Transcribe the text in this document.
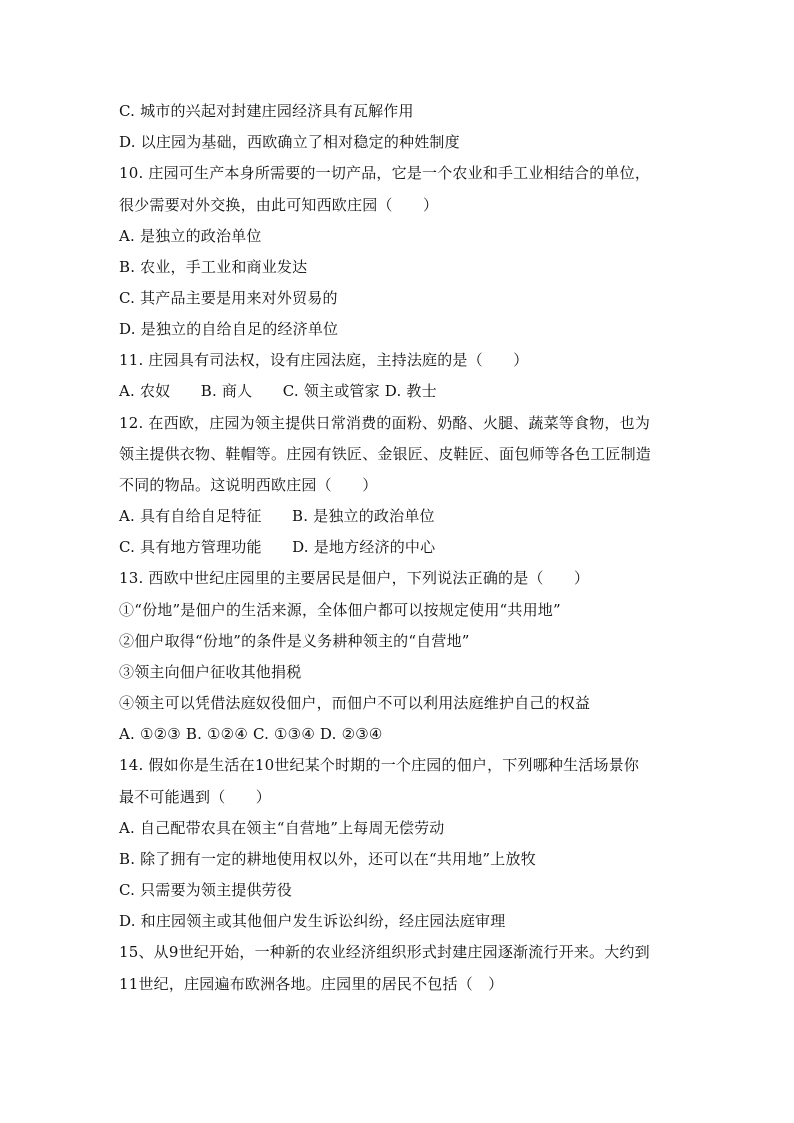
C. 城市的兴起对封建庄园经济具有瓦解作用
D. 以庄园为基础，西欧确立了相对稳定的种姓制度
10. 庄园可生产本身所需要的一切产品，它是一个农业和手工业相结合的单位，
很少需要对外交换，由此可知西欧庄园（　　）
A. 是独立的政治单位
B. 农业，手工业和商业发达
C. 其产品主要是用来对外贸易的
D. 是独立的自给自足的经济单位
11. 庄园具有司法权，设有庄园法庭，主持法庭的是（　　）
A. 农奴　　B. 商人　　C. 领主或管家 D. 教士
12. 在西欧，庄园为领主提供日常消费的面粉、奶酪、火腿、蔬菜等食物，也为
领主提供衣物、鞋帽等。庄园有铁匠、金银匠、皮鞋匠、面包师等各色工匠制造
不同的物品。这说明西欧庄园（　　）
A. 具有自给自足特征　　B. 是独立的政治单位
C. 具有地方管理功能　　D. 是地方经济的中心
13. 西欧中世纪庄园里的主要居民是佃户，下列说法正确的是（　　）
①“份地”是佃户的生活来源，全体佃户都可以按规定使用“共用地”
②佃户取得“份地”的条件是义务耕种领主的“自营地”
③领主向佃户征收其他捐税
④领主可以凭借法庭奴役佃户，而佃户不可以利用法庭维护自己的权益
A. ①②③ B. ①②④ C. ①③④ D. ②③④
14. 假如你是生活在10世纪某个时期的一个庄园的佃户，下列哪种生活场景你
最不可能遇到（　　）
A. 自己配带农具在领主“自营地”上每周无偿劳动
B. 除了拥有一定的耕地使用权以外，还可以在“共用地”上放牧
C. 只需要为领主提供劳役
D. 和庄园领主或其他佃户发生诉讼纠纷，经庄园法庭审理
15、从9世纪开始，一种新的农业经济组织形式封建庄园逐渐流行开来。大约到
11世纪，庄园遍布欧洲各地。庄园里的居民不包括（　）
